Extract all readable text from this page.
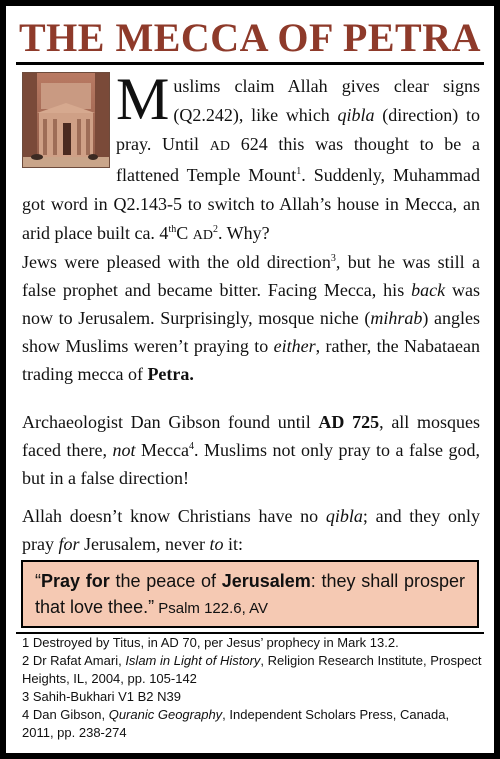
THE MECCA OF PETRA
Muslims claim Allah gives clear signs (Q2.242), like which qibla (direction) to pray. Until AD 624 this was thought to be a flattened Temple Mount$^1$. Suddenly, Muhammad got word in Q2.143-5 to switch to Allah’s house in Mecca, an arid place built ca. 4thC $AD^2$. Why?
Jews were pleased with the old direction$^3$, but he was still a false prophet and became bitter. Facing Mecca, his back was now to Jerusalem. Surprisingly, mosque niche (mihrab) angles show Muslims weren’t praying to either, rather, the Nabataean trading mecca of Petra.
Archaeologist Dan Gibson found until AD 725, all mosques faced there, not Mecca$^4$. Muslims not only pray to a false god, but in a false direction!
Allah doesn’t know Christians have no qibla; and they only pray for Jerusalem, never to it:
“Pray for the peace of Jerusalem: they shall prosper that love thee.” Psalm 122.6, AV
1 Destroyed by Titus, in AD 70, per Jesus’ prophecy in Mark 13.2.
2 Dr Rafat Amari, Islam in Light of History, Religion Research Institute, Prospect Heights, IL, 2004, pp. 105-142
3 Sahih-Bukhari V1 B2 N39
4 Dan Gibson, Quranic Geography, Independent Scholars Press, Canada, 2011, pp. 238-274
